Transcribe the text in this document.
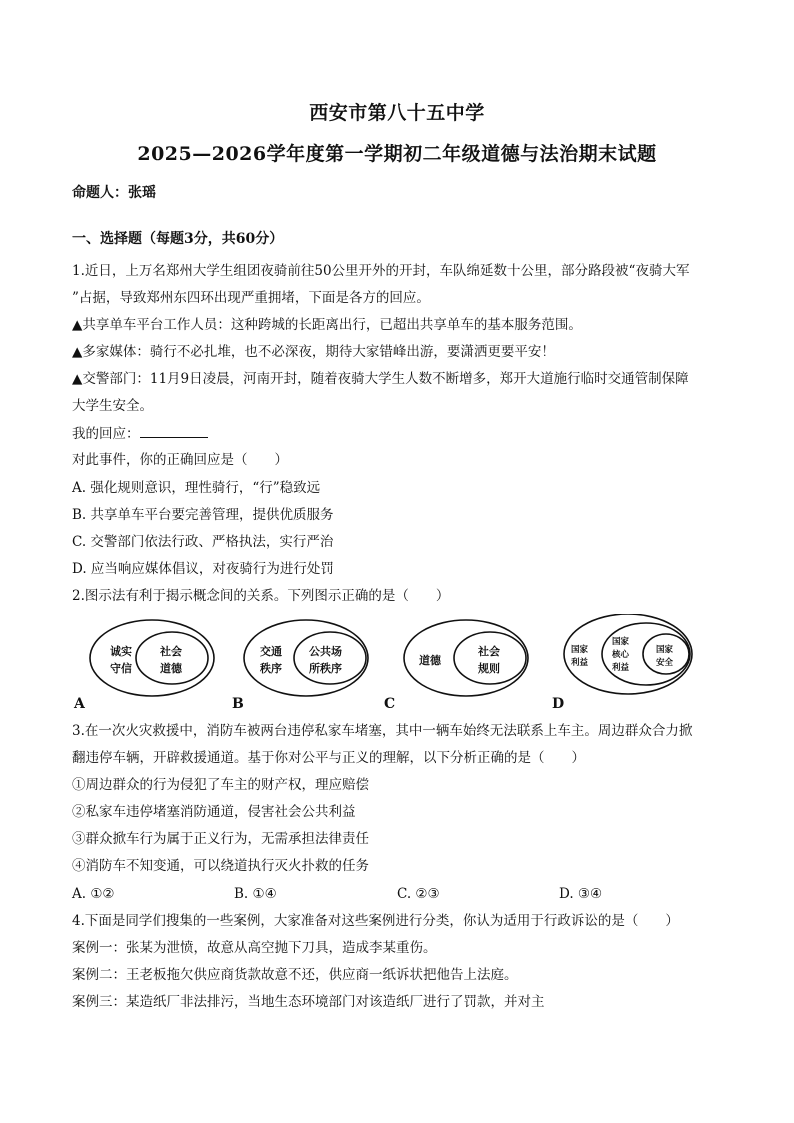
西安市第八十五中学
2025—2026学年度第一学期初二年级道德与法治期末试题
命题人：张瑶
一、选择题（每题3分，共60分）
1.近日，上万名郑州大学生组团夜骑前往50公里开外的开封，车队绵延数十公里，部分路段被“夜骑大军
”占据，导致郑州东四环出现严重拥堵，下面是各方的回应。
▲共享单车平台工作人员：这种跨城的长距离出行，已超出共享单车的基本服务范围。
▲多家媒体：骑行不必扎堆，也不必深夜，期待大家错峰出游，要潇洒更要平安！
▲交警部门：11月9日凌晨，河南开封，随着夜骑大学生人数不断增多，郑开大道施行临时交通管制保障
大学生安全。
我的回应：
对此事件，你的正确回应是（　　）
A. 强化规则意识，理性骑行，“行”稳致远
B. 共享单车平台要完善管理，提供优质服务
C. 交警部门依法行政、严格执法，实行严治
D. 应当响应媒体倡议，对夜骑行为进行处罚
2.图示法有利于揭示概念间的关系。下列图示正确的是（　　）
诚实
守信
社会
道德
A
交通
秩序
公共场
所秩序
B
道德
社会
规则
C
国家
利益
国家
核心
利益
国家
安全
D
3.在一次火灾救援中，消防车被两台违停私家车堵塞，其中一辆车始终无法联系上车主。周边群众合力掀
翻违停车辆，开辟救援通道。基于你对公平与正义的理解，以下分析正确的是（　　）
①周边群众的行为侵犯了车主的财产权，理应赔偿
②私家车违停堵塞消防通道，侵害社会公共利益
③群众掀车行为属于正义行为，无需承担法律责任
④消防车不知变通，可以绕道执行灭火扑救的任务
A. ①②	B. ①④	C. ②③	D. ③④
4.下面是同学们搜集的一些案例，大家准备对这些案例进行分类，你认为适用于行政诉讼的是（　　）
案例一：张某为泄愤，故意从高空抛下刀具，造成李某重伤。
案例二：王老板拖欠供应商货款故意不还，供应商一纸诉状把他告上法庭。
案例三：某造纸厂非法排污，当地生态环境部门对该造纸厂进行了罚款，并对主
